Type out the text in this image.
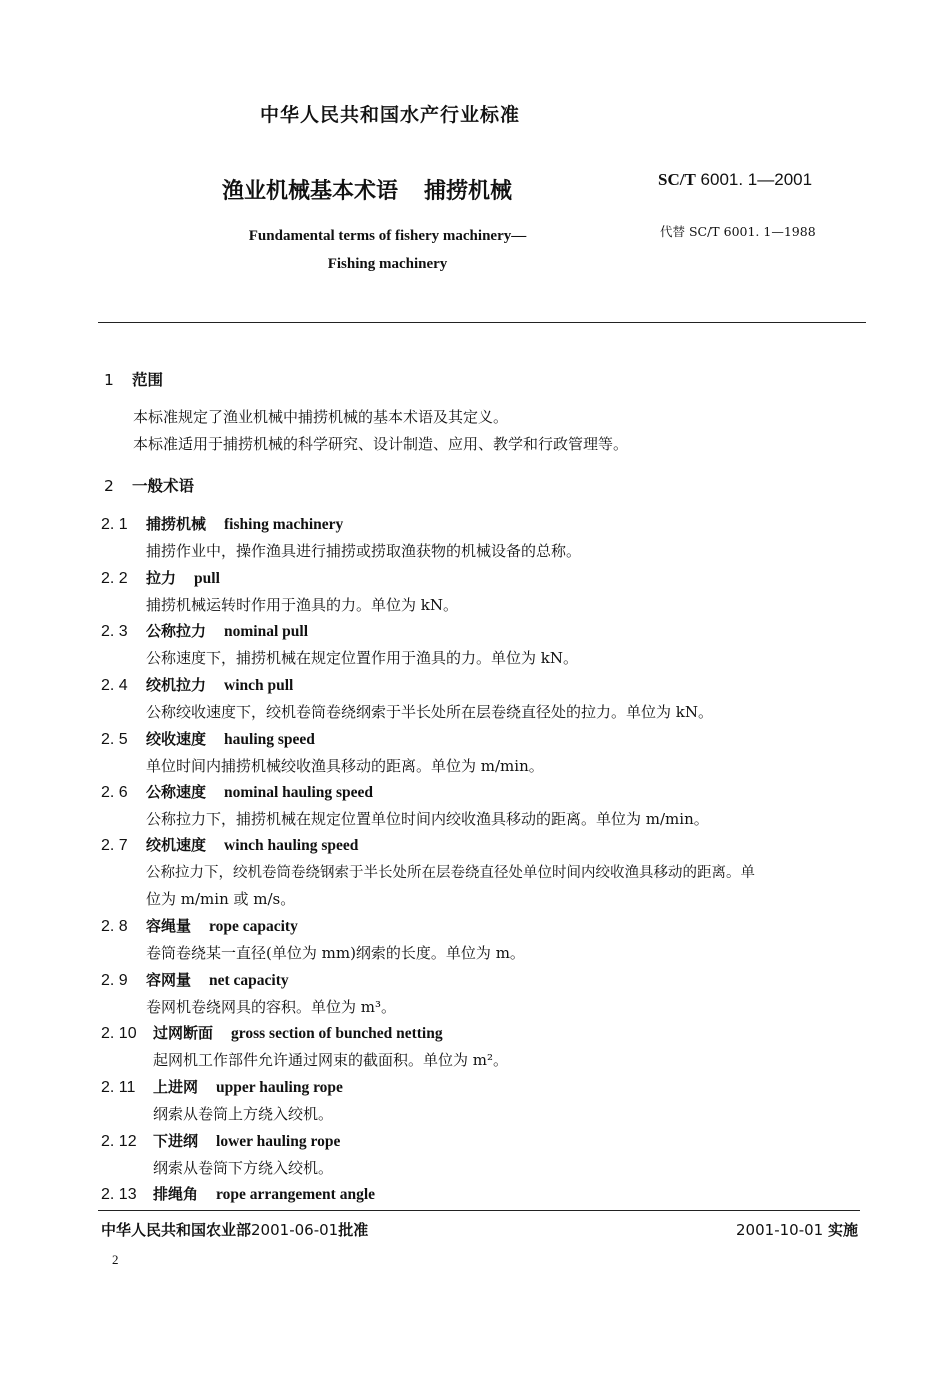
中华人民共和国水产行业标准
渔业机械基本术语 捕捞机械	SC/T 6001. 1—2001
代替 SC/T 6001. 1—1988
Fundamental terms of fishery machinery—
Fishing machinery
1 范围
本标准规定了渔业机械中捕捞机械的基本术语及其定义。
本标准适用于捕捞机械的科学研究、设计制造、应用、教学和行政管理等。
2 一般术语
2. 1 捕捞机械 fishing machinery
捕捞作业中，操作渔具进行捕捞或捞取渔获物的机械设备的总称。
2. 2 拉力 pull
捕捞机械运转时作用于渔具的力。单位为 kN。
2. 3 公称拉力 nominal pull
公称速度下，捕捞机械在规定位置作用于渔具的力。单位为 kN。
2. 4 绞机拉力 winch pull
公称绞收速度下，绞机卷筒卷绕纲索于半长处所在层卷绕直径处的拉力。单位为 kN。
2. 5 绞收速度 hauling speed
单位时间内捕捞机械绞收渔具移动的距离。单位为 m/min。
2. 6 公称速度 nominal hauling speed
公称拉力下，捕捞机械在规定位置单位时间内绞收渔具移动的距离。单位为 m/min。
2. 7 绞机速度 winch hauling speed
公称拉力下，绞机卷筒卷绕钢索于半长处所在层卷绕直径处单位时间内绞收渔具移动的距离。单
位为 m/min 或 m/s。
2. 8 容绳量 rope capacity
卷筒卷绕某一直径(单位为 mm)纲索的长度。单位为 m。
2. 9 容网量 net capacity
卷网机卷绕网具的容积。单位为 m³。
2. 10 过网断面 gross section of bunched netting
起网机工作部件允许通过网束的截面积。单位为 m²。
2. 11 上进网 upper hauling rope
纲索从卷筒上方绕入绞机。
2. 12 下进纲 lower hauling rope
纲索从卷筒下方绕入绞机。
2. 13 排绳角 rope arrangement angle
中华人民共和国农业部2001-06-01批准	2001-10-01 实施
2
